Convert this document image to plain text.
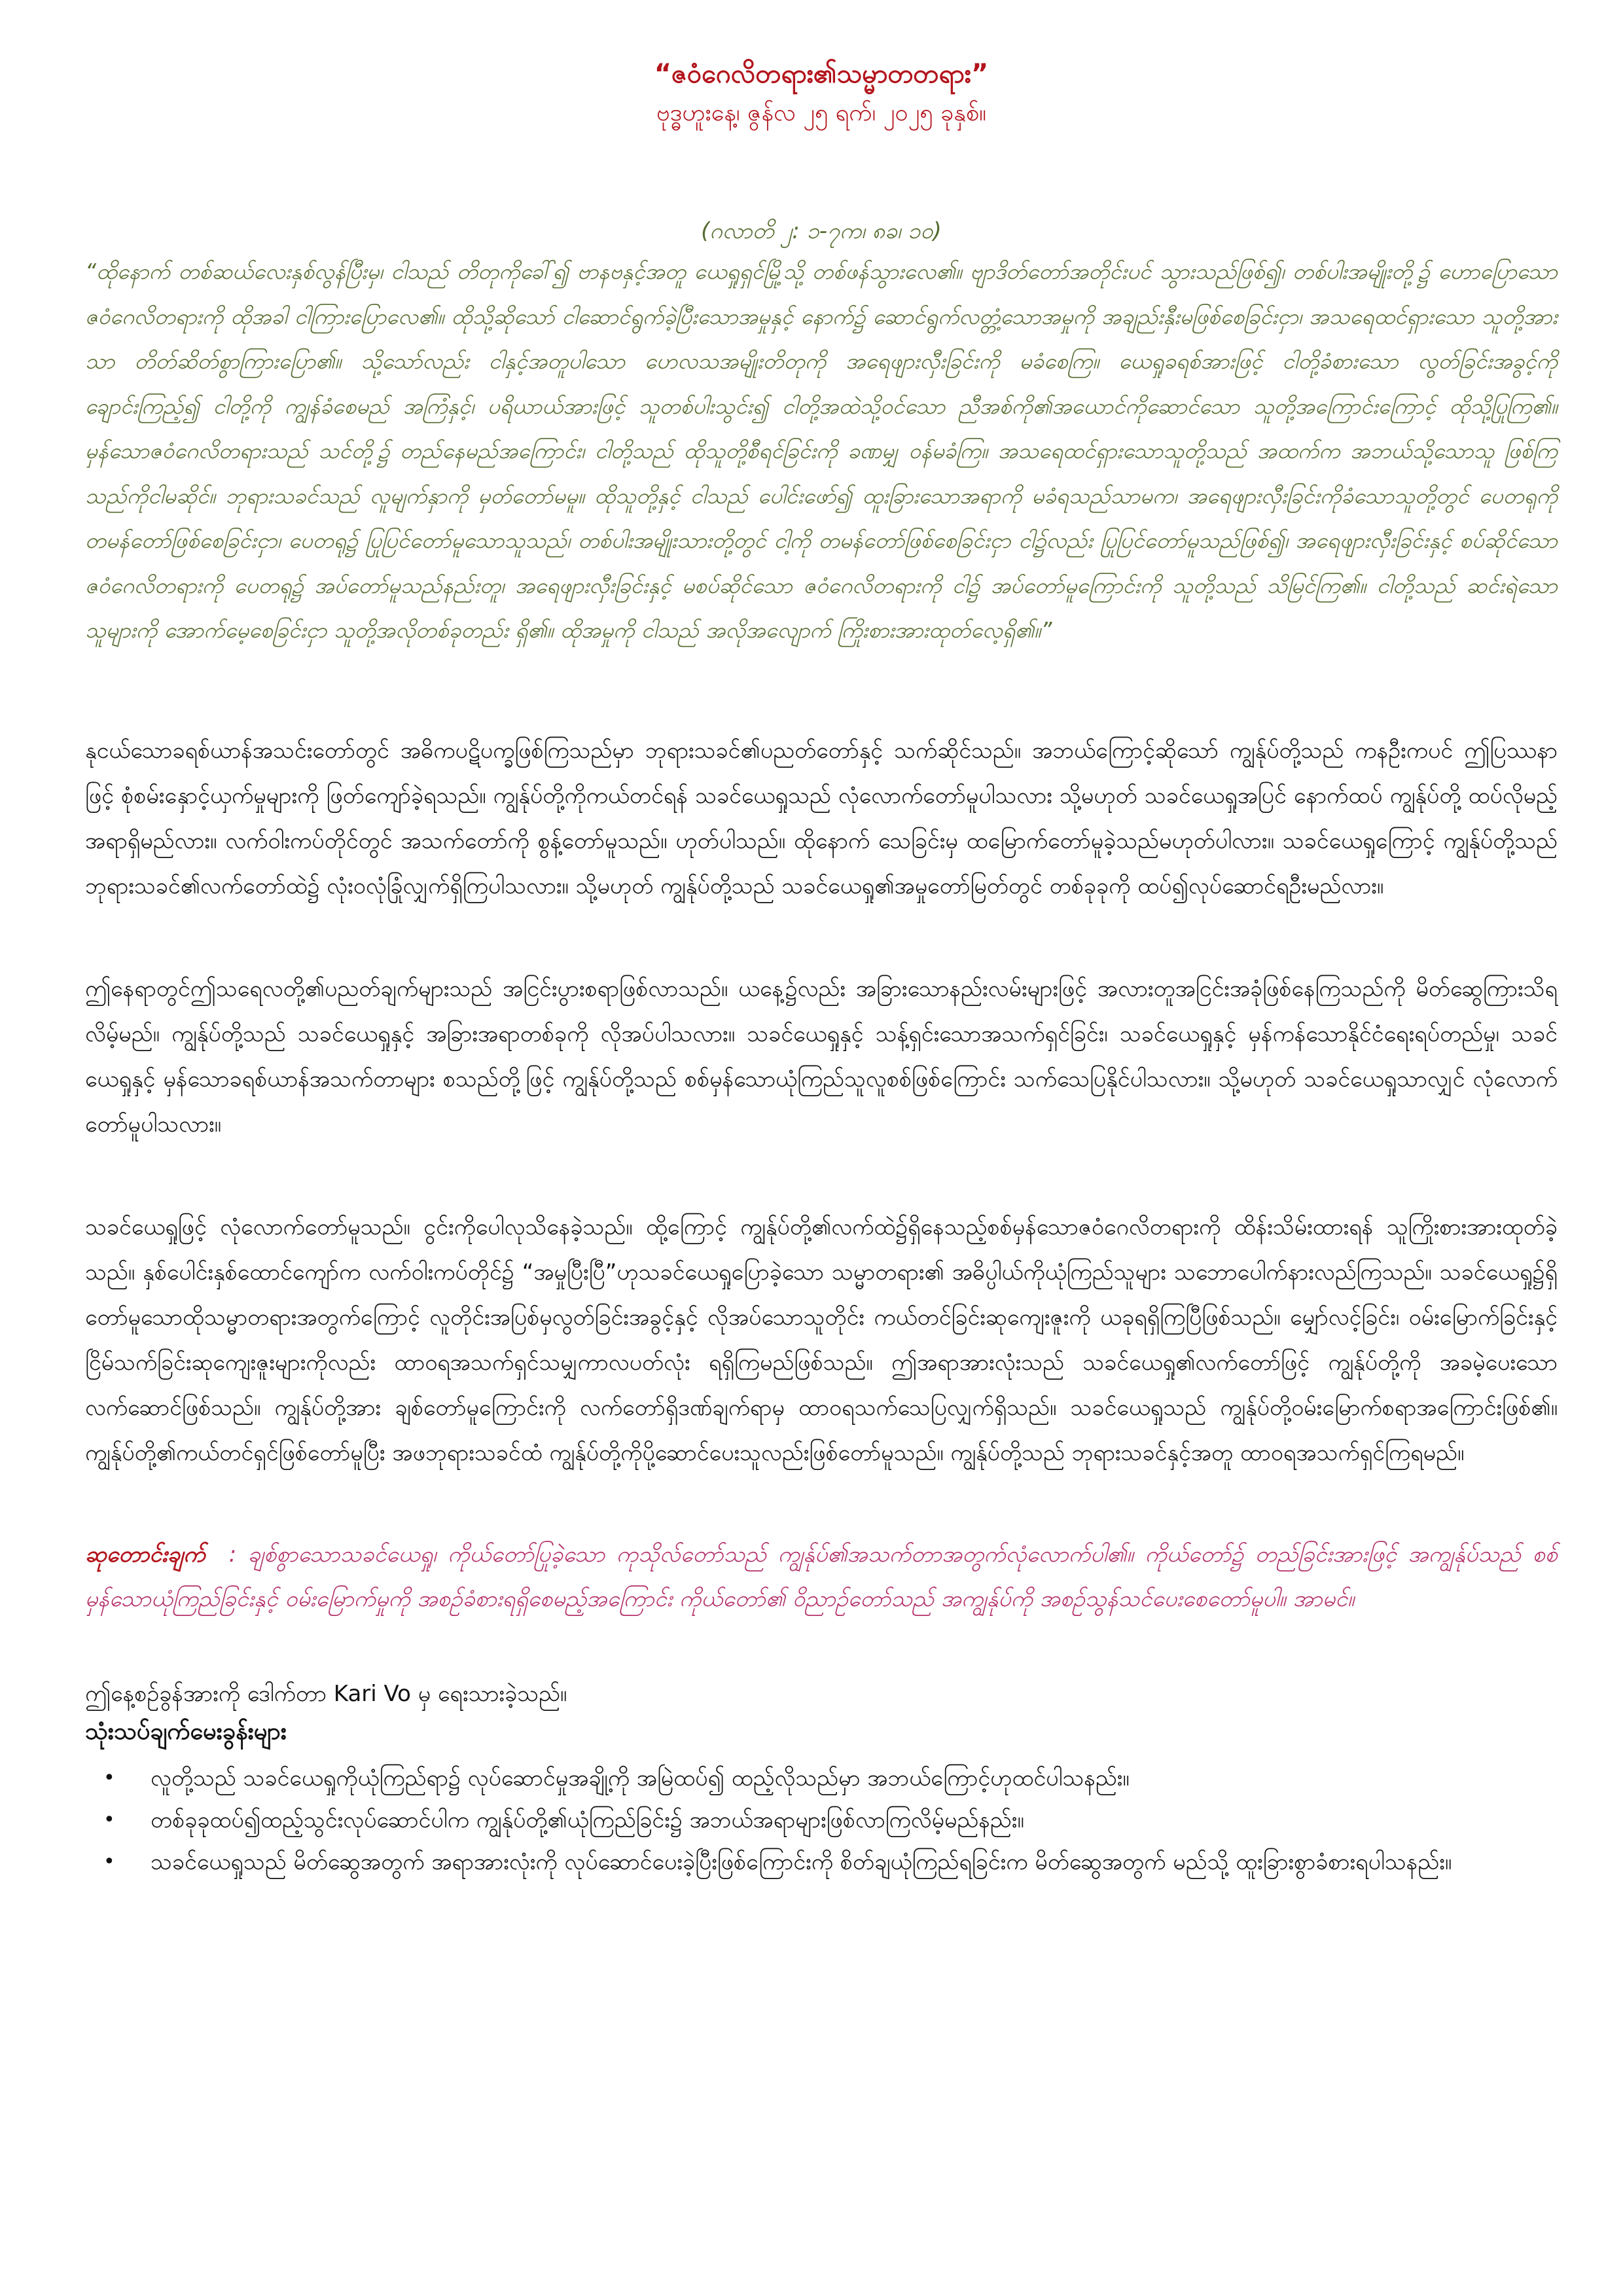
“ဇဝံဂေလိတရား၏သမ္မာတတရား”
ဗုဒ္ဓဟူးနေ့၊ ဇွန်လ ၂၅ ရက်၊ ၂၀၂၅ ခုနှစ်။
(ဂလာတိ ၂: ၁-၇က၊ ၈ခ၊ ၁၀)

“ထိုနောက် တစ်ဆယ်လေးနှစ်လွန်ပြီးမှ၊ ငါသည် တိတုကိုခေါ်၍ ဗာနဗနှင့်အတူ ယေရှုရှင်မြို့သို့ တစ်ဖန်သွားလေ၏။ ဗျာဒိတ်တော်အတိုင်းပင် သွားသည်ဖြစ်၍၊ တစ်ပါးအမျိုးတို့၌ ဟောပြောသော ဇဝံဂေလိတရားကို ထိုအခါ ငါကြားပြောလေ၏။ ထိုသို့ဆိုသော် ငါဆောင်ရွက်ခဲ့ပြီးသောအမှုနှင့် နောက်၌ ဆောင်ရွက်လတ္တံ့သောအမှုကို အချည်းနှီးမဖြစ်စေခြင်းငှာ၊ အသရေထင်ရှားသော သူတို့အားသာ တိတ်ဆိတ်စွာကြားပြော၏။ သို့သော်လည်း ငါနှင့်အတူပါသော ဟေလသအမျိုးတိတုကို အရေဖျားလှီးခြင်းကို မခံစေကြ။ ယေရှုခရစ်အားဖြင့် ငါတို့ခံစားသော လွတ်ခြင်းအခွင့်ကို ချောင်းကြည့်၍ ငါတို့ကို ကျွန်ခံစေမည် အကြံနှင့်၊ ပရိယာယ်အားဖြင့် သူတစ်ပါးသွင်း၍ ငါတို့အထဲသို့ဝင်သော ညီအစ်ကို၏အယောင်ကိုဆောင်သော သူတို့အကြောင်းကြောင့် ထိုသို့ပြုကြ၏။ မှန်သောဇဝံဂေလိတရားသည် သင်တို့၌ တည်နေမည်အကြောင်း၊ ငါတို့သည် ထိုသူတို့စီရင်ခြင်းကို ခဏမျှ ဝန်မခံကြ။ အသရေထင်ရှားသောသူတို့သည် အထက်က အဘယ်သို့သောသူ ဖြစ်ကြသည်ကိုငါမဆိုင်။ ဘုရားသခင်သည် လူမျက်နှာကို မှတ်တော်မမူ။ ထိုသူတို့နှင့် ငါသည် ပေါင်းဖော်၍ ထူးခြားသောအရာကို မခံရသည်သာမက၊ အရေဖျားလှီးခြင်းကိုခံသောသူတို့တွင် ပေတရုကို တမန်တော်ဖြစ်စေခြင်းငှာ၊ ပေတရု၌ ပြုပြင်တော်မူသောသူသည်၊ တစ်ပါးအမျိုးသားတို့တွင် ငါ့ကို တမန်တော်ဖြစ်စေခြင်းငှာ ငါ၌လည်း ပြုပြင်တော်မူသည်ဖြစ်၍၊ အရေဖျားလှီးခြင်းနှင့် စပ်ဆိုင်သော ဇဝံဂေလိတရားကို ပေတရု၌ အပ်တော်မူသည်နည်းတူ၊ အရေဖျားလှီးခြင်းနှင့် မစပ်ဆိုင်သော ဇဝံဂေလိတရားကို ငါ၌ အပ်တော်မူကြောင်းကို သူတို့သည် သိမြင်ကြ၏။ ငါတို့သည် ဆင်းရဲသောသူများကို အောက်မေ့စေခြင်းငှာ သူတို့အလိုတစ်ခုတည်း ရှိ၏။ ထိုအမှုကို ငါသည် အလိုအလျောက် ကြိုးစားအားထုတ်လေ့ရှိ၏။”

နုငယ်သောခရစ်ယာန်အသင်းတော်တွင် အဓိကပဋိပက္ခဖြစ်ကြသည်မှာ ဘုရားသခင်၏ပညတ်တော်နှင့် သက်ဆိုင်သည်။ အဘယ်ကြောင့်ဆိုသော် ကျွန်ုပ်တို့သည် ကနဦးကပင် ဤပြဿနာဖြင့် စုံစမ်းနှောင့်ယှက်မှုများကို ဖြတ်ကျော်ခဲ့ရသည်။ ကျွန်ုပ်တို့ကိုကယ်တင်ရန် သခင်ယေရှုသည် လုံလောက်တော်မူပါသလား သို့မဟုတ် သခင်ယေရှုအပြင် နောက်ထပ် ကျွန်ုပ်တို့ ထပ်လိုမည့်အရာရှိမည်လား။ လက်ဝါးကပ်တိုင်တွင် အသက်တော်ကို စွန့်တော်မူသည်။ ဟုတ်ပါသည်။ ထိုနောက် သေခြင်းမှ ထမြောက်တော်မူခဲ့သည်မဟုတ်ပါလား။ သခင်ယေရှုကြောင့် ကျွန်ုပ်တို့သည် ဘုရားသခင်၏လက်တော်ထဲ၌ လုံးဝလုံခြုံလျှက်ရှိကြပါသလား။ သို့မဟုတ် ကျွန်ုပ်တို့သည် သခင်ယေရှု၏အမှုတော်မြတ်တွင် တစ်ခုခုကို ထပ်၍လုပ်ဆောင်ရဦးမည်လား။

ဤနေရာတွင်ဤသရေလတို့၏ပညတ်ချက်များသည် အငြင်းပွားစရာဖြစ်လာသည်။ ယနေ့၌လည်း အခြားသောနည်းလမ်းများဖြင့် အလားတူအငြင်းအခုံဖြစ်နေကြသည်ကို မိတ်ဆွေကြားသိရလိမ့်မည်။ ကျွန်ုပ်တို့သည် သခင်ယေရှုနှင့် အခြားအရာတစ်ခုကို လိုအပ်ပါသလား။ သခင်ယေရှုနှင့် သန့်ရှင်းသောအသက်ရှင်ခြင်း၊ သခင်ယေရှုနှင့် မှန်ကန်သောနိုင်ငံရေးရပ်တည်မှု၊ သခင်ယေရှုနှင့် မှန်သောခရစ်ယာန်အသက်တာများ စသည်တို့ဖြင့် ကျွန်ုပ်တို့သည် စစ်မှန်သောယုံကြည်သူလူစစ်ဖြစ်ကြောင်း သက်သေပြနိုင်ပါသလား။ သို့မဟုတ် သခင်ယေရှုသာလျှင် လုံလောက်တော်မူပါသလား။

သခင်ယေရှုဖြင့် လုံလောက်တော်မူသည်။ ငွင်းကိုပေါလုသိနေခဲ့သည်။ ထို့ကြောင့် ကျွန်ုပ်တို့၏လက်ထဲ၌ရှိနေသည့်စစ်မှန်သောဇဝံဂေလိတရားကို ထိန်းသိမ်းထားရန် သူကြိုးစားအားထုတ်ခဲ့သည်။ နှစ်ပေါင်းနှစ်ထောင်ကျော်က လက်ဝါးကပ်တိုင်၌ “အမှုပြီးပြီ”ဟုသခင်ယေရှုပြောခဲ့သော သမ္မာတရား၏ အဓိပ္ပါယ်ကိုယုံကြည်သူများ သဘောပေါက်နားလည်ကြသည်။ သခင်ယေရှု၌ရှိတော်မူသောထိုသမ္မာတရားအတွက်ကြောင့် လူတိုင်းအပြစ်မှလွတ်ခြင်းအခွင့်နှင့် လိုအပ်သောသူတိုင်း ကယ်တင်ခြင်းဆုကျေးဇူးကို ယခုရရှိကြပြီဖြစ်သည်။ မျှော်လင့်ခြင်း၊ ဝမ်းမြောက်ခြင်းနှင့် ငြိမ်သက်ခြင်းဆုကျေးဇူးများကိုလည်း ထာဝရအသက်ရှင်သမျှကာလပတ်လုံး ရရှိကြမည်ဖြစ်သည်။ ဤအရာအားလုံးသည် သခင်ယေရှု၏လက်တော်ဖြင့် ကျွန်ုပ်တို့ကို အခမဲ့ပေးသောလက်ဆောင်ဖြစ်သည်။ ကျွန်ုပ်တို့အား ချစ်တော်မူကြောင်းကို လက်တော်ရှိဒဏ်ချက်ရာမှ ထာဝရသက်သေပြလျှက်ရှိသည်။ သခင်ယေရှုသည် ကျွန်ုပ်တို့ဝမ်းမြောက်စရာအကြောင်းဖြစ်၏။ ကျွန်ုပ်တို့၏ကယ်တင်ရှင်ဖြစ်တော်မူပြီး အဖဘုရားသခင်ထံ ကျွန်ုပ်တို့ကိုပို့ဆောင်ပေးသူလည်းဖြစ်တော်မူသည်။ ကျွန်ုပ်တို့သည် ဘုရားသခင်နှင့်အတူ ထာဝရအသက်ရှင်ကြရမည်။

ဆုတောင်းချက် : ချစ်စွာသောသခင်ယေရှု၊ ကိုယ်တော်ပြုခဲ့သော ကုသိုလ်တော်သည် ကျွန်ုပ်၏အသက်တာအတွက်လုံလောက်ပါ၏။ ကိုယ်တော်၌ တည်ခြင်းအားဖြင့် အကျွန်ုပ်သည် စစ်မှန်သောယုံကြည်ခြင်းနှင့် ဝမ်းမြောက်မှုကို အစဉ်ခံစားရရှိစေမည့်အကြောင်း ကိုယ်တော်၏ ဝိညာဉ်တော်သည် အကျွန်ုပ်ကို အစဉ်သွန်သင်ပေးစေတော်မူပါ။ အာမင်။

ဤနေ့စဉ်ခွန်အားကို ဒေါက်တာ Kari Vo မှ ရေးသားခဲ့သည်။
သုံးသပ်ချက်မေးခွန်းများ
• လူတို့သည် သခင်ယေရှုကိုယုံကြည်ရာ၌ လုပ်ဆောင်မှုအချို့ကို အမြဲထပ်၍ ထည့်လိုသည်မှာ အဘယ်ကြောင့်ဟုထင်ပါသနည်း။
• တစ်ခုခုထပ်၍ထည့်သွင်းလုပ်ဆောင်ပါက ကျွန်ုပ်တို့၏ယုံကြည်ခြင်း၌ အဘယ်အရာများဖြစ်လာကြလိမ့်မည်နည်း။
• သခင်ယေရှုသည် မိတ်ဆွေအတွက် အရာအားလုံးကို လုပ်ဆောင်ပေးခဲ့ပြီးဖြစ်ကြောင်းကို စိတ်ချယုံကြည်ရခြင်းက မိတ်ဆွေအတွက် မည်သို့ ထူးခြားစွာခံစားရပါသနည်း။
